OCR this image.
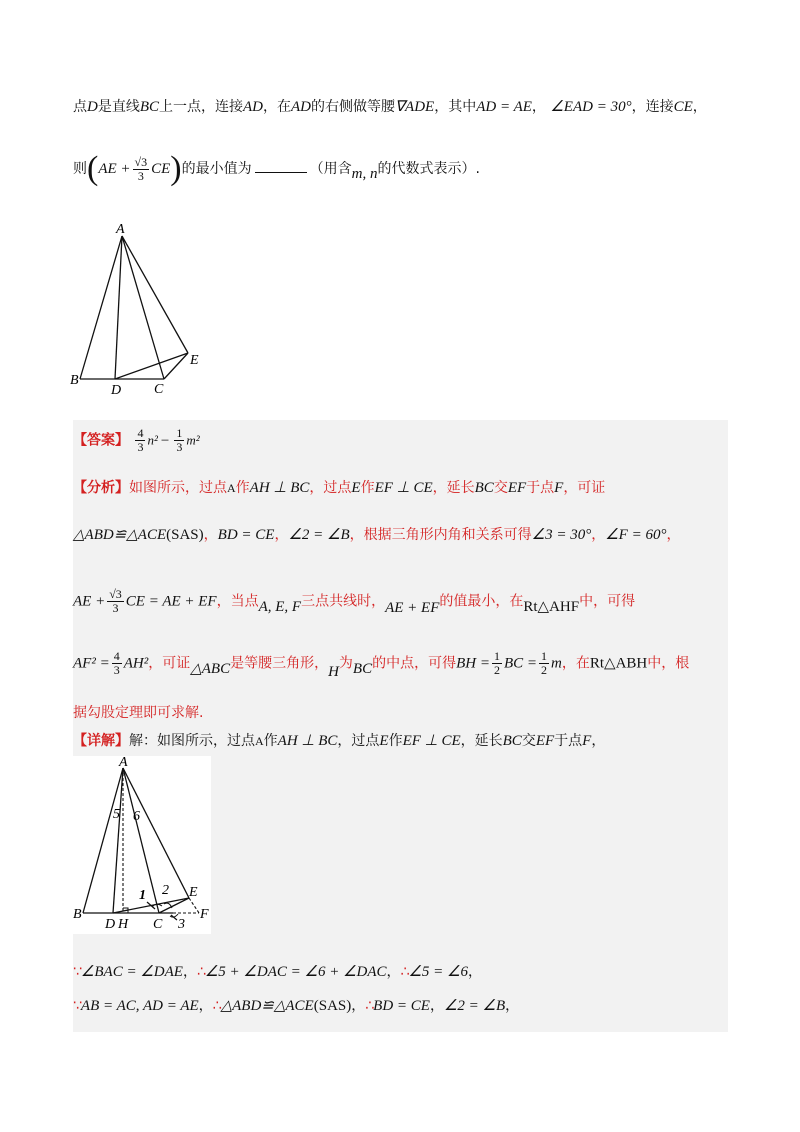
点D是直线BC上一点，连接AD，在AD的右侧做等腰∇ADE，其中AD = AE， ∠EAD = 30°，连接CE，
则$(AE + \frac{√3}{3} CE)$的最小值为	（用含m, n的代数式表示）.
A
B
D C
E
【答案】 $\frac{4}{3} n^2 - \frac{1}{3} m^2$
【分析】如图所示，过点A作AH ⊥ BC，过点E作EF ⊥ CE，延长BC交EF于点F，可证
△ABD≌△ACE(SAS)，BD = CE，∠2 = ∠B，根据三角形内角和关系可得∠3 = 30°，∠F = 60°，
AE + $\frac{√3}{3}$ CE = AE + EF，当点A, E, F三点共线时，AE + EF的值最小，在Rt△AHF中，可得
$AF^2 = \frac{4}{3} AH^2$，可证△ABC是等腰三角形，H为BC的中点，可得BH = $\frac{1}{2}$ BC = $\frac{1}{2}$ m，在Rt△ABH中，根
据勾股定理即可求解.
【详解】解：如图所示，过点A作AH ⊥ BC，过点E作EF ⊥ CE，延长BC交EF于点F，
A
B
D H C
E
F
5 6
1 2
3
∵∠BAC = ∠DAE，∴∠5 + ∠DAC = ∠6 + ∠DAC，∴∠5 = ∠6，
∵AB = AC, AD = AE，∴△ABD≌△ACE(SAS)，∴BD = CE，∠2 = ∠B，
